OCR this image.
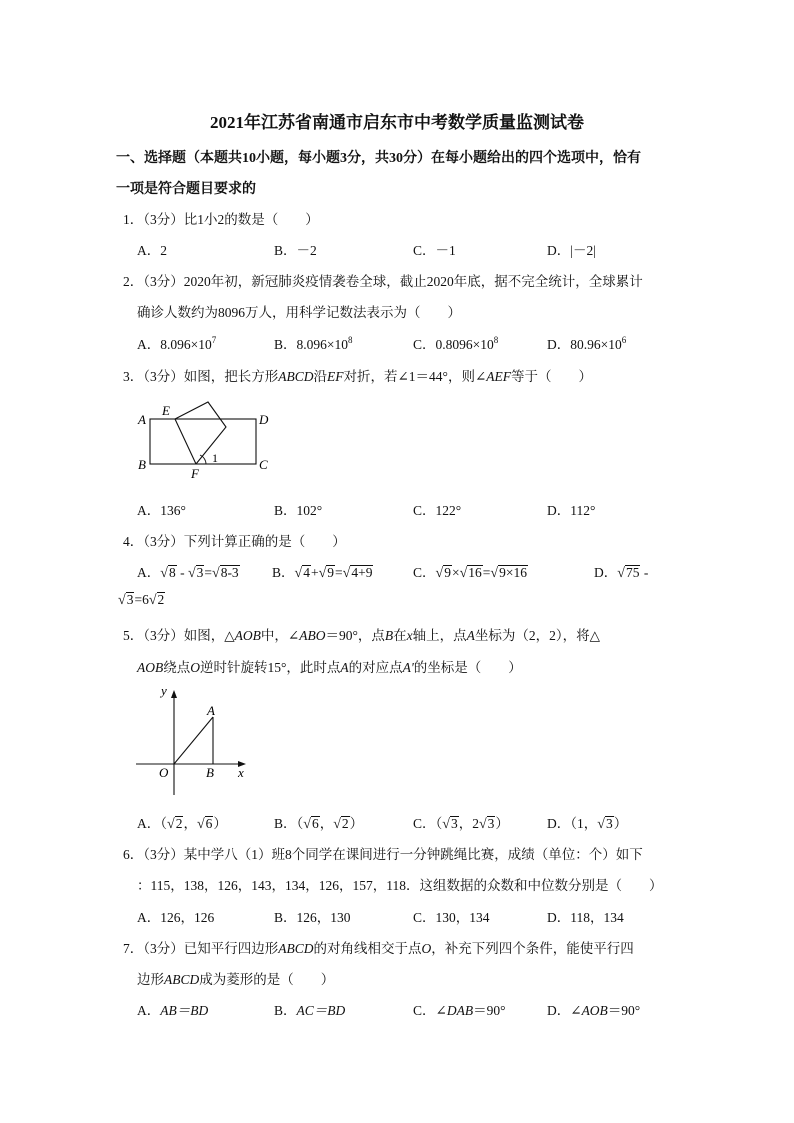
2021年江苏省南通市启东市中考数学质量监测试卷
一、选择题（本题共10小题，每小题3分，共30分）在每小题给出的四个选项中，恰有
一项是符合题目要求的
1．（3分）比1小2的数是（　　）
A．2	B．－2	C．－1	D．|－2|
2．（3分）2020年初，新冠肺炎疫情袭卷全球，截止2020年底，据不完全统计，全球累计
确诊人数约为8096万人，用科学记数法表示为（　　）
A．$8.096\times 10^7$	B．$8.096\times 10^8$	C．$0.8096\times 10^8$	D．$80.96\times 10^6$
3．（3分）如图，把长方形ABCD沿EF对折，若∠1＝44°，则∠AEF等于（　　）
A
B	C
D
E
F
1
A．136°	B．102°	C．122°	D．112°
4．（3分）下列计算正确的是（　　）
A．√8 - √3=√8-3 B．√4+√9=√4+9	C．√9×√16=√9×16	D．√75 -
√3=6√2
5．（3分）如图，△AOB中，∠ABO＝90°，点B在x轴上，点A坐标为（2，2），将△
AOB绕点O逆时针旋转15°，此时点A的对应点A'的坐标是（　　）
y
x
O
A
B
A．（√2，√6）	B．（√6，√2）	C．（√3，2√3）	D．（1，√3）
6．（3分）某中学八（1）班8个同学在课间进行一分钟跳绳比赛，成绩（单位：个）如下
：115，138，126，143，134，126，157，118．这组数据的众数和中位数分别是（　　）
A．126，126	B．126，130	C．130，134	D．118，134
7．（3分）已知平行四边形ABCD的对角线相交于点O，补充下列四个条件，能使平行四
边形ABCD成为菱形的是（　　）
A．AB＝BD	B．AC＝BD	C．∠DAB＝90°	D．∠AOB＝90°
